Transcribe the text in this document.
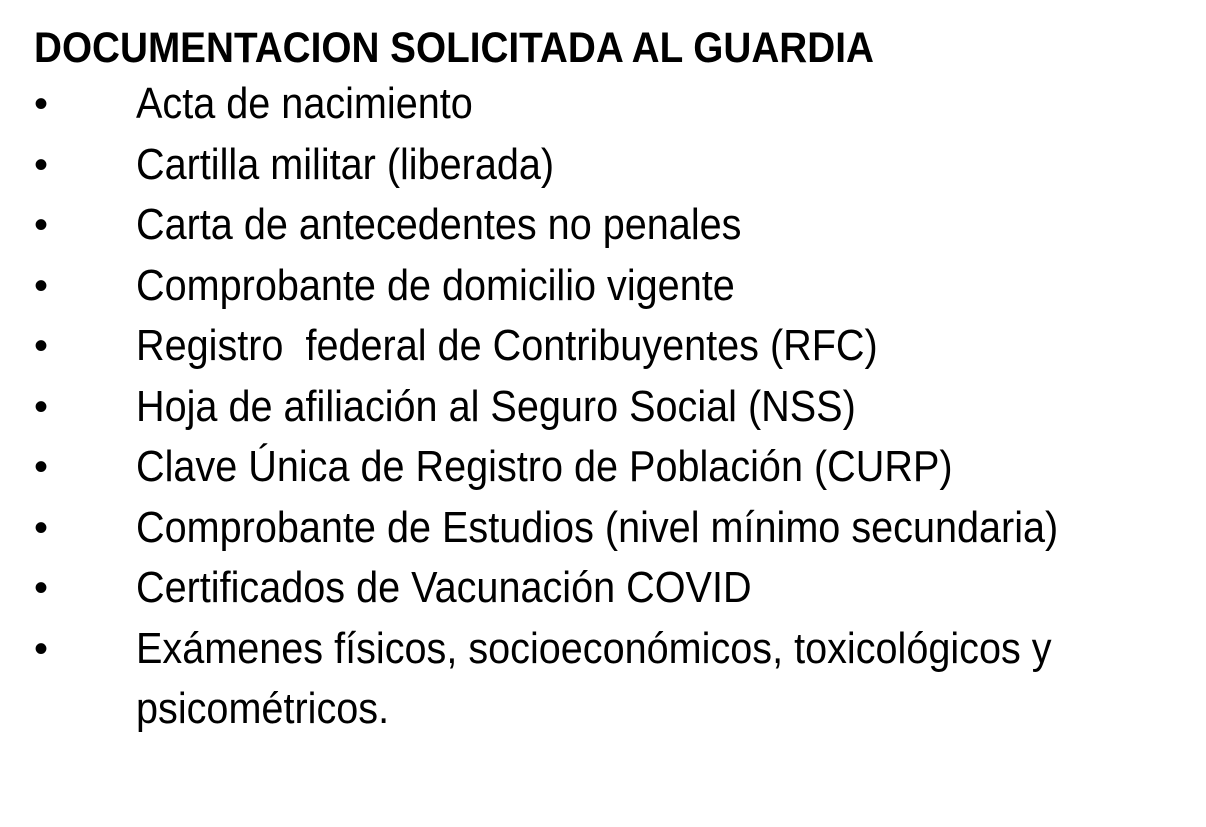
DOCUMENTACION SOLICITADA AL GUARDIA
•	Acta de nacimiento
•	Cartilla militar (liberada)
•	Carta de antecedentes no penales
•	Comprobante de domicilio vigente
•	Registro  federal de Contribuyentes (RFC)
•	Hoja de afiliación al Seguro Social (NSS)
•	Clave Única de Registro de Población (CURP)
•	Comprobante de Estudios (nivel mínimo secundaria)
•	Certificados de Vacunación COVID
•	Exámenes físicos, socioeconómicos, toxicológicos y
psicométricos.
